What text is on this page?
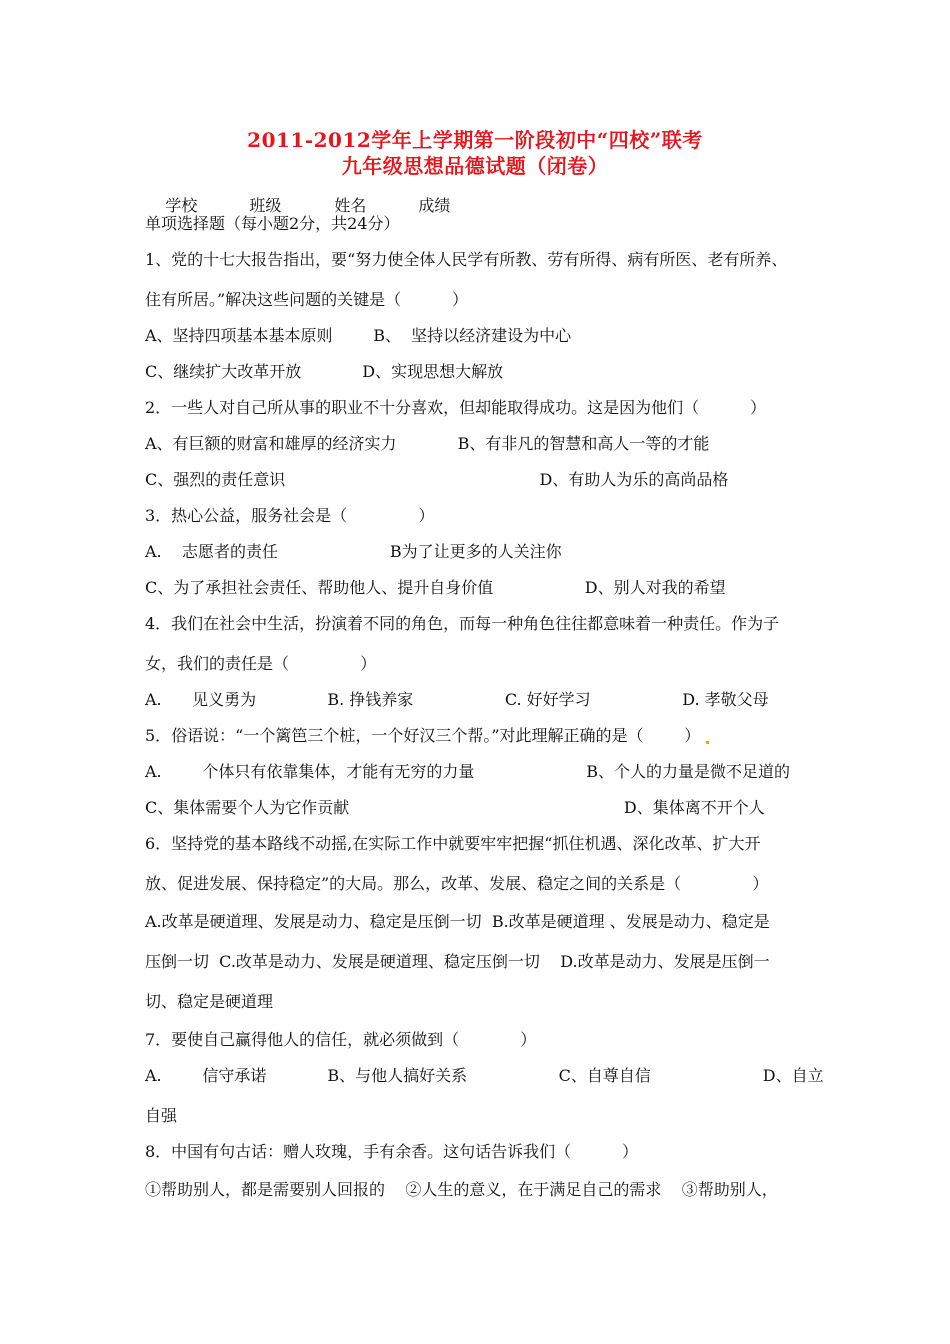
2011-2012学年上学期第一阶段初中“四校”联考
九年级思想品德试题（闭卷）

学校	班级	姓名	成绩

单项选择题（每小题2分，共24分）
1、党的十七大报告指出，要“努力使全体人民学有所教、劳有所得、病有所医、老有所养、
住有所居。”解决这些问题的关键是（          ）
A、坚持四项基本基本原则        B、  坚持以经济建设为中心
C、继续扩大改革开放            D、实现思想大解放
2．一些人对自己所从事的职业不十分喜欢，但却能取得成功。这是因为他们（          ）
A、有巨额的财富和雄厚的经济实力            B、有非凡的智慧和高人一等的才能
C、强烈的责任意识                                                  D、有助人为乐的高尚品格
3．热心公益，服务社会是（              ）
A.    志愿者的责任                      B为了让更多的人关注你
C、为了承担社会责任、帮助他人、提升自身价值                  D、别人对我的希望
4．我们在社会中生活，扮演着不同的角色，而每一种角色往往都意味着一种责任。作为子
女，我们的责任是（              ）
A.      见义勇为              B. 挣钱养家                  C. 好好学习                  D. 孝敬父母
5．俗语说：“一个篱笆三个桩，一个好汉三个帮。”对此理解正确的是（        ）
A.        个体只有依靠集体，才能有无穷的力量                      B、个人的力量是微不足道的
C、集体需要个人为它作贡献                                                      D、集体离不开个人
6．坚持党的基本路线不动摇,在实际工作中就要牢牢把握“抓住机遇、深化改革、扩大开
放、促进发展、保持稳定”的大局。那么，改革、发展、稳定之间的关系是（              ）
A.改革是硬道理、发展是动力、稳定是压倒一切  B.改革是硬道理 、发展是动力、稳定是
压倒一切  C.改革是动力、发展是硬道理、稳定压倒一切    D.改革是动力、发展是压倒一
切、稳定是硬道理
7．要使自己赢得他人的信任，就必须做到（            ）
A.        信守承诺            B、与他人搞好关系                  C、自尊自信                      D、自立
自强
8．中国有句古话：赠人玫瑰，手有余香。这句话告诉我们（          ）
①帮助别人，都是需要别人回报的    ②人生的意义，在于满足自己的需求    ③帮助别人，
